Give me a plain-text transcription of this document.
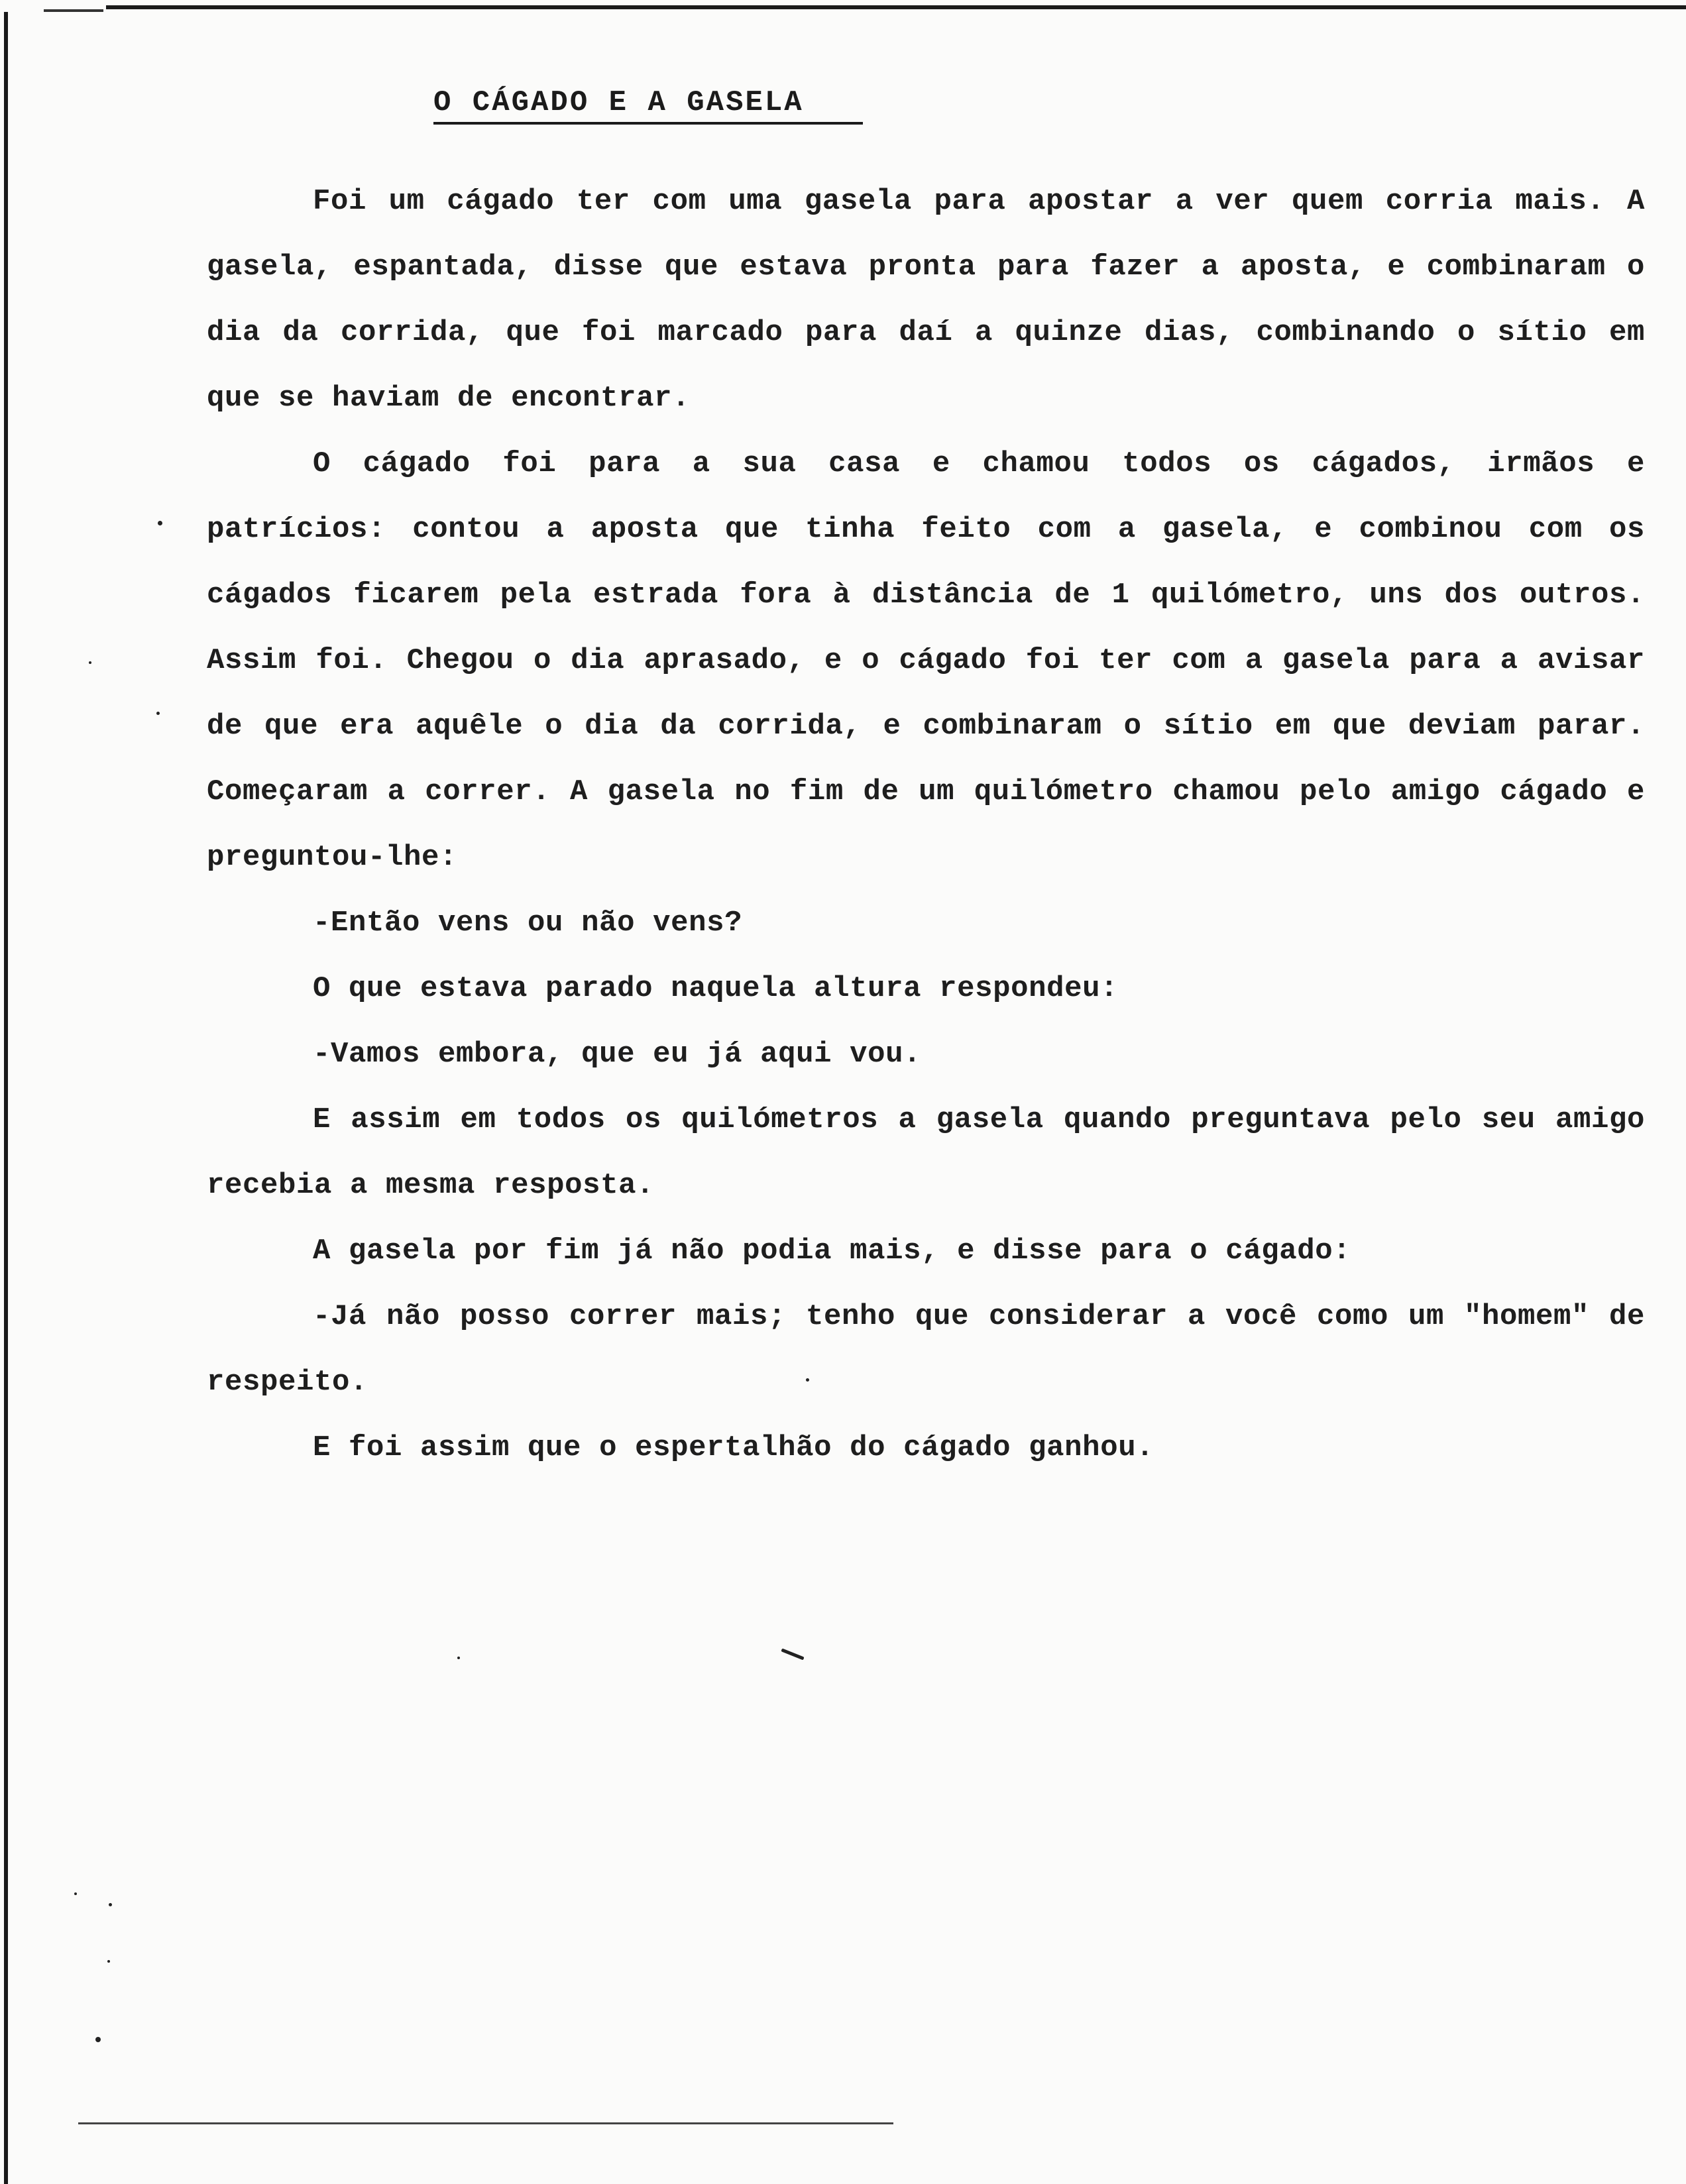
O CÁGADO E A GASELA

Foi um cágado ter com uma gasela para apostar a ver quem corria mais. A gasela, espantada, disse que estava pronta para fazer a aposta, e combinaram o dia da corrida, que foi marcado para daí a quinze dias, combinando o sítio em que se haviam de encontrar.

O cágado foi para a sua casa e chamou todos os cágados, irmãos e patrícios: contou a aposta que tinha feito com a gasela, e combinou com os cágados ficarem pela estrada fora à distância de 1 quilómetro, uns dos outros. Assim foi. Chegou o dia aprasado, e o cágado foi ter com a gasela para a avisar de que era aquêle o dia da corrida, e combinaram o sítio em que deviam parar. Começaram a correr. A gasela no fim de um quilómetro chamou pelo amigo cágado e preguntou-lhe:

-Então vens ou não vens?

O que estava parado naquela altura respondeu:

-Vamos embora, que eu já aqui vou.

E assim em todos os quilómetros a gasela quando preguntava pelo seu amigo recebia a mesma resposta.

A gasela por fim já não podia mais, e disse para o cágado:

-Já não posso correr mais; tenho que considerar a você como um "homem" de respeito.

E foi assim que o espertalhão do cágado ganhou.
